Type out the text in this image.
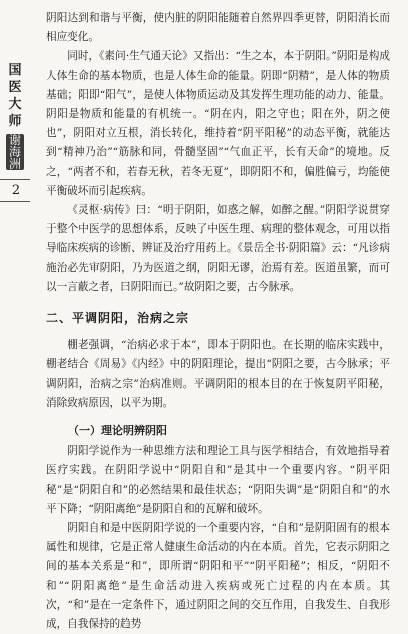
国
医
大
师
谢
海
洲
2

阴阳达到和谐与平衡，使内脏的阴阳能随着自然界四季更替，阴阳消长而相应变化。

同时，《素问·生气通天论》又指出：“生之本，本于阴阳。”阴阳是构成人体生命的基本物质，也是人体生命的能量。阴即“阴精”，是人体的物质基础；阳即“阳气”，是使人体物质运动及其发挥生理功能的动力、能量。阴阳是物质和能量的有机统一。“阴在内，阳之守也；阳在外，阴之使也”，阴阳对立互根，消长转化，维持着“阴平阳秘”的动态平衡，就能达到“精神乃治”“筋脉和同，骨髓坚固”“气血正平，长有天命”的境地。反之，“两者不和，若春无秋，若冬无夏”，即阴阳不和，偏胜偏亏，均能使平衡破坏而引起疾病。

《灵枢·病传》曰：“明于阴阳，如惑之解，如醉之醒。”阴阳学说贯穿于整个中医学的思想体系，反映了中医生理、病理的整体观念，可用以指导临床疾病的诊断、辨证及治疗用药上。《景岳全书·阴阳篇》云：“凡诊病施治必先审阴阳，乃为医道之纲，阴阳无谬，治焉有差。医道虽繁，而可以一言蔽之者，曰阴阳而已。”故阴阳之要，古今脉承。

二、平调阴阳，治病之宗

棚老强调，“治病必求于本”，即本于阴阳也。在长期的临床实践中，棚老结合《周易》《内经》中的阴阳理论，提出“阴阳之要，古今脉承；平调阴阳，治病之宗”治病准则。平调阴阳的根本目的在于恢复阴平阳秘，消除致病原因，以平为期。

（一）理论明辨阴阳

阴阳学说作为一种思维方法和理论工具与医学相结合，有效地指导着医疗实践。在阴阳学说中“阴阳自和”是其中一个重要内容。“阴平阳秘”是“阴阳自和”的必然结果和最佳状态；“阴阳失调”是“阴阳自和”的水平下降；“阴阳离绝”是阴阳自和的瓦解和破坏。

阴阳自和是中医阴阳学说的一个重要内容，“自和”是阴阳固有的根本属性和规律，它是正常人健康生命活动的内在本质。首先，它表示阴阳之间的基本关系是“和”，即所谓“阴阳和平”“阴平阳秘”；相反，“阴阳不和”“阴阳离绝”是生命活动进入疾病或死亡过程的内在本质。其次，“和”是在一定条件下，通过阴阳之间的交互作用，自我发生、自我形成，自我保持的趋势
